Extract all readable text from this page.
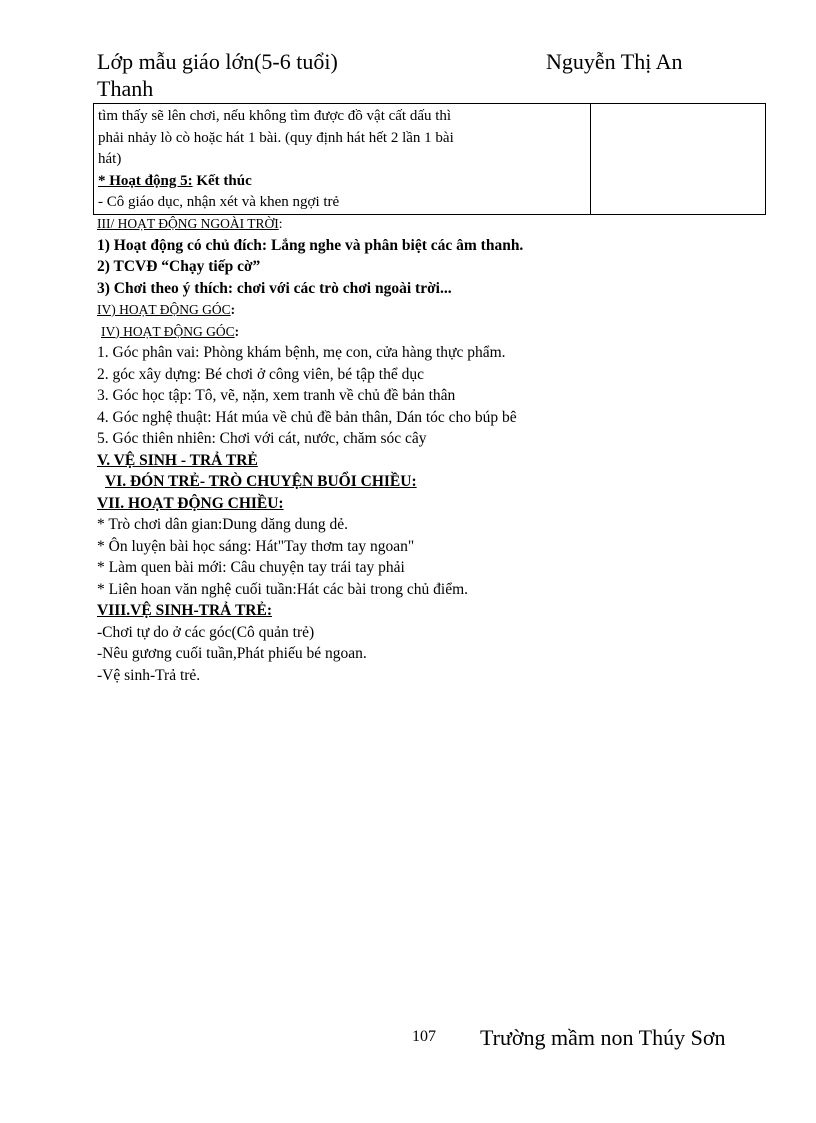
Lớp mẫu giáo lớn(5-6 tuổi)
Thanh
Nguyễn Thị An
tìm thấy sẽ lên chơi, nếu không tìm được đồ vật cất dấu thì
phải nhảy lò cò hoặc hát 1 bài. (quy định hát hết 2 lần 1 bài
hát)
* Hoạt động 5: Kết thúc
- Cô giáo dục, nhận xét và khen ngợi trẻ

III/ HOẠT ĐỘNG NGOÀI TRỜI:
1) Hoạt động có chủ đích: Lắng nghe và phân biệt các âm thanh.
2) TCVĐ “Chạy tiếp cờ”
3) Chơi theo ý thích: chơi với các trò chơi ngoài trời...
IV) HOẠT ĐỘNG GÓC:
IV) HOẠT ĐỘNG GÓC:
1. Góc phân vai: Phòng khám bệnh, mẹ con, cửa hàng thực phẩm.
2. góc xây dựng: Bé chơi ở công viên, bé tập thể dục
3. Góc học tập: Tô, vẽ, nặn, xem tranh về chủ đề bản thân
4. Góc nghệ thuật: Hát múa về chủ đề bản thân, Dán tóc cho búp bê
5. Góc thiên nhiên: Chơi với cát, nước, chăm sóc cây
V. VỆ SINH - TRẢ TRẺ
VI. ĐÓN TRẺ- TRÒ CHUYỆN BUỔI CHIỀU:
VII. HOẠT ĐỘNG CHIỀU:
* Trò chơi dân gian:Dung dăng dung dẻ.
* Ôn luyện bài học sáng: Hát"Tay thơm tay ngoan"
* Làm quen bài mới: Câu chuyện tay trái tay phải
* Liên hoan văn nghệ cuối tuần:Hát các bài trong chủ điểm.
VIII.VỆ SINH-TRẢ TRẺ:
-Chơi tự do ở các góc(Cô quản trẻ)
-Nêu gương cuối tuần,Phát phiếu bé ngoan.
-Vệ sinh-Trả trẻ.
107 Trường mầm non Thúy Sơn
